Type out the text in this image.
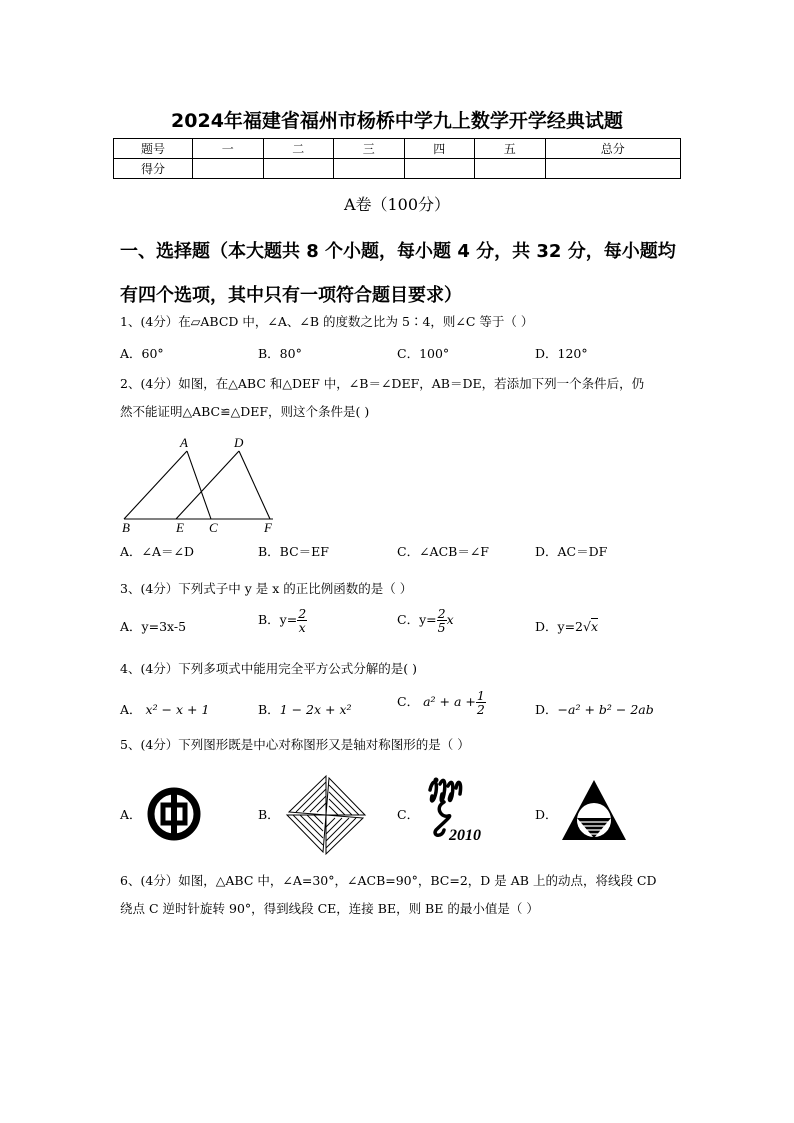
2024年福建省福州市杨桥中学九上数学开学经典试题
题号	一	二	三	四	五	总分
得分						
A卷（100分）
一、选择题（本大题共 8 个小题，每小题 4 分，共 32 分，每小题均
有四个选项，其中只有一项符合题目要求）
1、(4分）在▱ABCD 中，∠A、∠B 的度数之比为 5∶4，则∠C 等于（ ）
A．60°	B．80°	C．100°	D．120°
2、(4分）如图，在△ABC 和△DEF 中，∠B＝∠DEF，AB＝DE，若添加下列一个条件后，仍
然不能证明△ABC≌△DEF，则这个条件是( )
A	D
B	E C	F
A．∠A＝∠D	B．BC＝EF	C．∠ACB＝∠F	D．AC＝DF
3、(4分）下列式子中 y 是 x 的正比例函数的是（ ）
A．y=3x-5	B．$y= \frac{2}{x}$	C．$y= \frac{2}{5}$ x	D．y=2√x
4、(4分）下列多项式中能用完全平方公式分解的是( )
A． x² − x + 1	B．1 − 2x + x²
C． $a^2 + a + \frac{1}{2}$	D．−a² + b² − 2ab
5、(4分）下列图形既是中心对称图形又是轴对称图形的是（ ）
A．	B．	C．
2010
D．
6、(4分）如图，△ABC 中，∠A=30°，∠ACB=90°，BC=2，D 是 AB 上的动点，将线段 CD
绕点 C 逆时针旋转 90°，得到线段 CE，连接 BE，则 BE 的最小值是（ ）
